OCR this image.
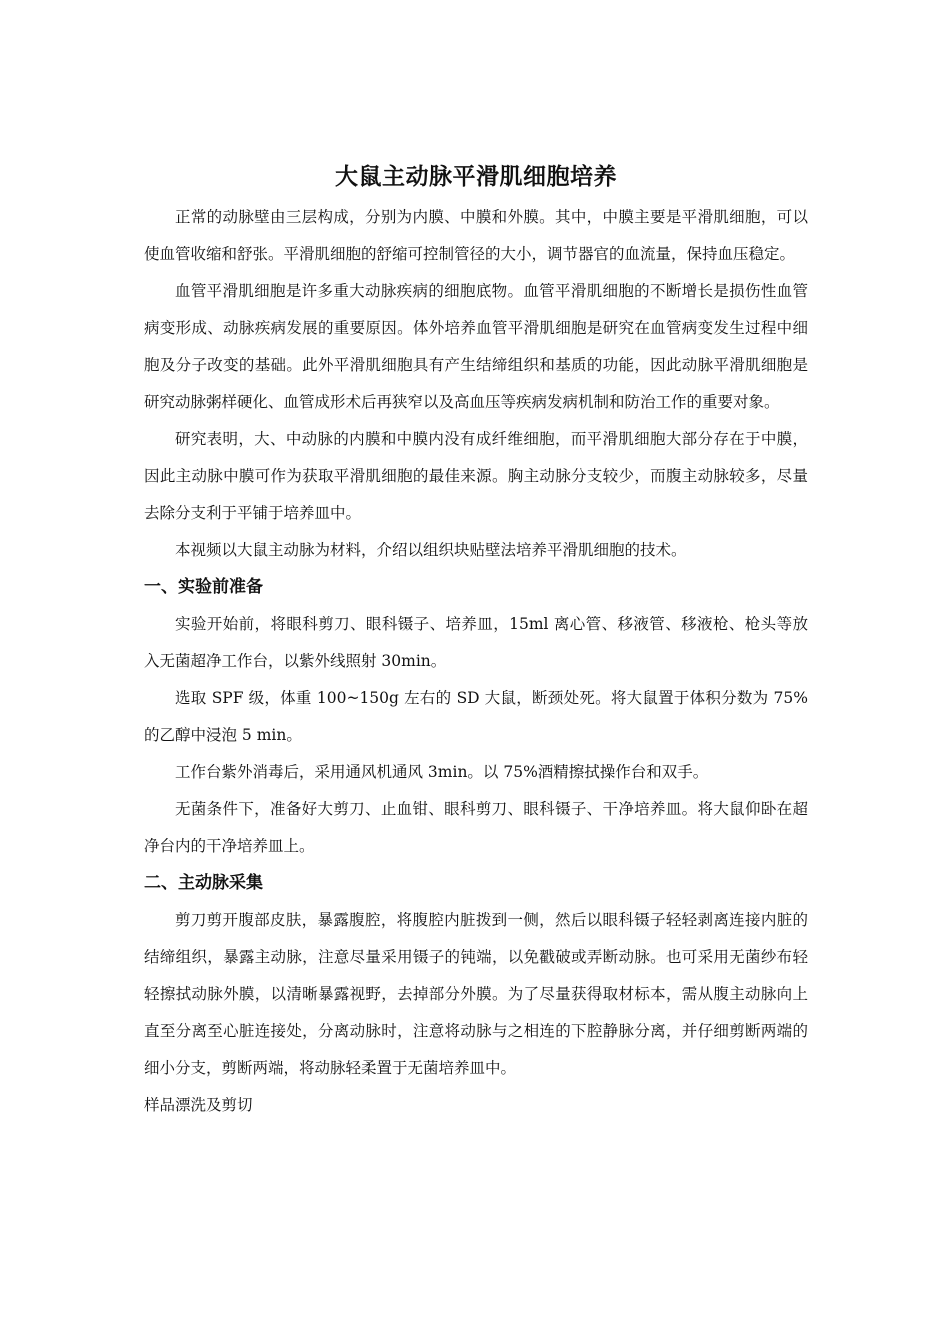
大鼠主动脉平滑肌细胞培养

正常的动脉壁由三层构成，分别为内膜、中膜和外膜。其中，中膜主要是平滑肌细胞，可以使血管收缩和舒张。平滑肌细胞的舒缩可控制管径的大小，调节器官的血流量，保持血压稳定。

血管平滑肌细胞是许多重大动脉疾病的细胞底物。血管平滑肌细胞的不断增长是损伤性血管病变形成、动脉疾病发展的重要原因。体外培养血管平滑肌细胞是研究在血管病变发生过程中细胞及分子改变的基础。此外平滑肌细胞具有产生结缔组织和基质的功能，因此动脉平滑肌细胞是研究动脉粥样硬化、血管成形术后再狭窄以及高血压等疾病发病机制和防治工作的重要对象。

研究表明，大、中动脉的内膜和中膜内没有成纤维细胞，而平滑肌细胞大部分存在于中膜，因此主动脉中膜可作为获取平滑肌细胞的最佳来源。胸主动脉分支较少，而腹主动脉较多，尽量去除分支利于平铺于培养皿中。

本视频以大鼠主动脉为材料，介绍以组织块贴壁法培养平滑肌细胞的技术。

一、实验前准备

实验开始前，将眼科剪刀、眼科镊子、培养皿，15ml 离心管、移液管、移液枪、枪头等放入无菌超净工作台，以紫外线照射 30min。

选取 SPF 级，体重 100~150g 左右的 SD 大鼠，断颈处死。将大鼠置于体积分数为 75%的乙醇中浸泡 5 min。

工作台紫外消毒后，采用通风机通风 3min。以 75%酒精擦拭操作台和双手。

无菌条件下，准备好大剪刀、止血钳、眼科剪刀、眼科镊子、干净培养皿。将大鼠仰卧在超净台内的干净培养皿上。

二、主动脉采集

剪刀剪开腹部皮肤，暴露腹腔，将腹腔内脏拨到一侧，然后以眼科镊子轻轻剥离连接内脏的结缔组织，暴露主动脉，注意尽量采用镊子的钝端，以免戳破或弄断动脉。也可采用无菌纱布轻轻擦拭动脉外膜，以清晰暴露视野，去掉部分外膜。为了尽量获得取材标本，需从腹主动脉向上直至分离至心脏连接处，分离动脉时，注意将动脉与之相连的下腔静脉分离，并仔细剪断两端的细小分支，剪断两端，将动脉轻柔置于无菌培养皿中。

样品漂洗及剪切
